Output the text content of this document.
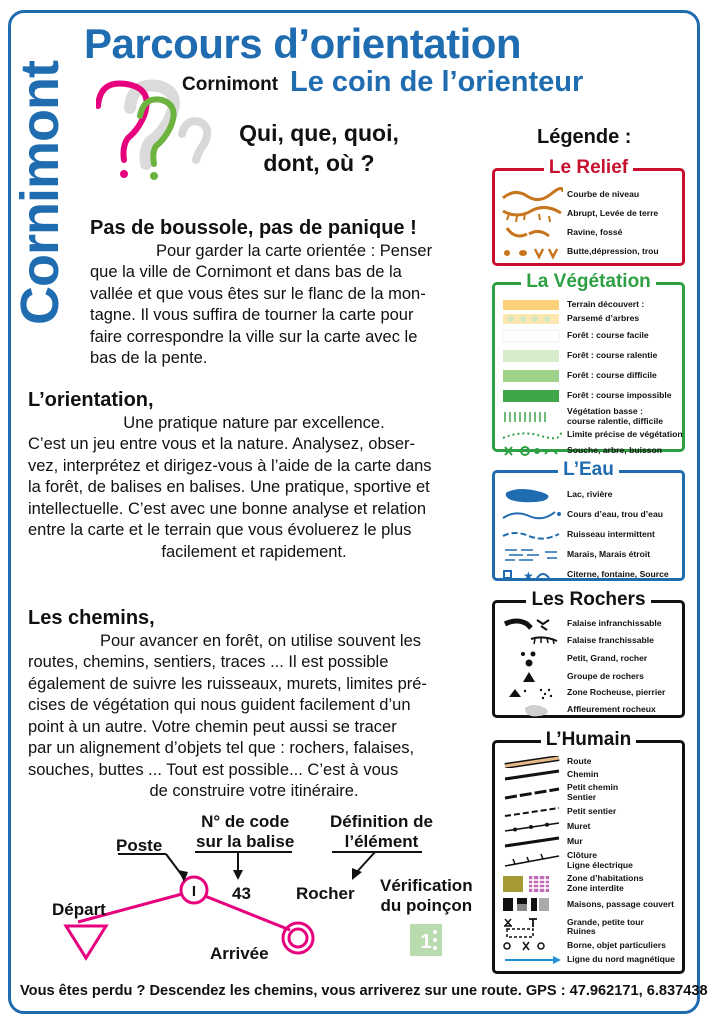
Cornimont
Parcours d’orientation
Cornimont Le coin de l’orienteur
Qui, que, quoi,
dont, où ?
Pas de boussole, pas de panique !

Pour garder la carte orientée : Penser

que la ville de Cornimont et dans bas de la

vallée et que vous êtes sur le flanc de la mon-

tagne. Il vous suffira de tourner la carte pour

faire correspondre la ville sur la carte avec le

bas de la pente.

L’orientation,

Une pratique nature par excellence.

C’est un jeu entre vous et la nature. Analysez, obser-

vez, interprétez et dirigez-vous à l’aide de la carte dans

la forêt, de balises en balises. Une pratique, sportive et

intellectuelle. C’est avec une bonne analyse et relation

entre la carte et le terrain que vous évoluerez le plus

facilement et rapidement.

Les chemins,

Pour avancer en forêt, on utilise souvent les

routes, chemins, sentiers, traces ... Il est possible

également de suivre les ruisseaux, murets, limites pré-

cises de végétation qui nous guident facilement d’un

point à un autre. Votre chemin peut aussi se tracer

par un alignement d’objets tel que : rochers, falaises,

souches, buttes ... Tout est possible... C’est à vous

de construire votre itinéraire.

I
1
N° de code
sur la balise
Définition de
l’élément
Poste
43	Rocher Vérification
du poinçon
Départ
Arrivée
Légende :
Le Relief
Courbe de niveau
Abrupt, Levée de terre
Ravine, fossé
Butte,dépression, trou
La Végétation
Terrain découvert :
Parsemé d’arbres
Forêt : course facile
Forêt : course ralentie
Forêt : course difficile
Forêt : course impossible
Végétation basse :
course ralentie, difficile
Limite précise de végétation
Souche, arbre, buisson
L’Eau
Lac, rivière
Cours d’eau, trou d’eau
Ruisseau intermittent
Marais, Marais étroit
★	Citerne, fontaine, Source
Les Rochers
Falaise infranchissable
Falaise franchissable
Petit, Grand, rocher
Groupe de rochers
Zone Rocheuse, pierrier
Affleurement rocheux
L’Humain
Route
Chemin
Petit chemin
Sentier
Petit sentier
Muret
Mur
Clôture
Ligne électrique
Zone d’habitations
Zone interdite
Maisons, passage couvert
Grande, petite tour
Ruines
Borne, objet particuliers
Ligne du nord magnétique
Vous êtes perdu ? Descendez les chemins, vous arriverez sur une route. GPS : 47.962171, 6.837438
